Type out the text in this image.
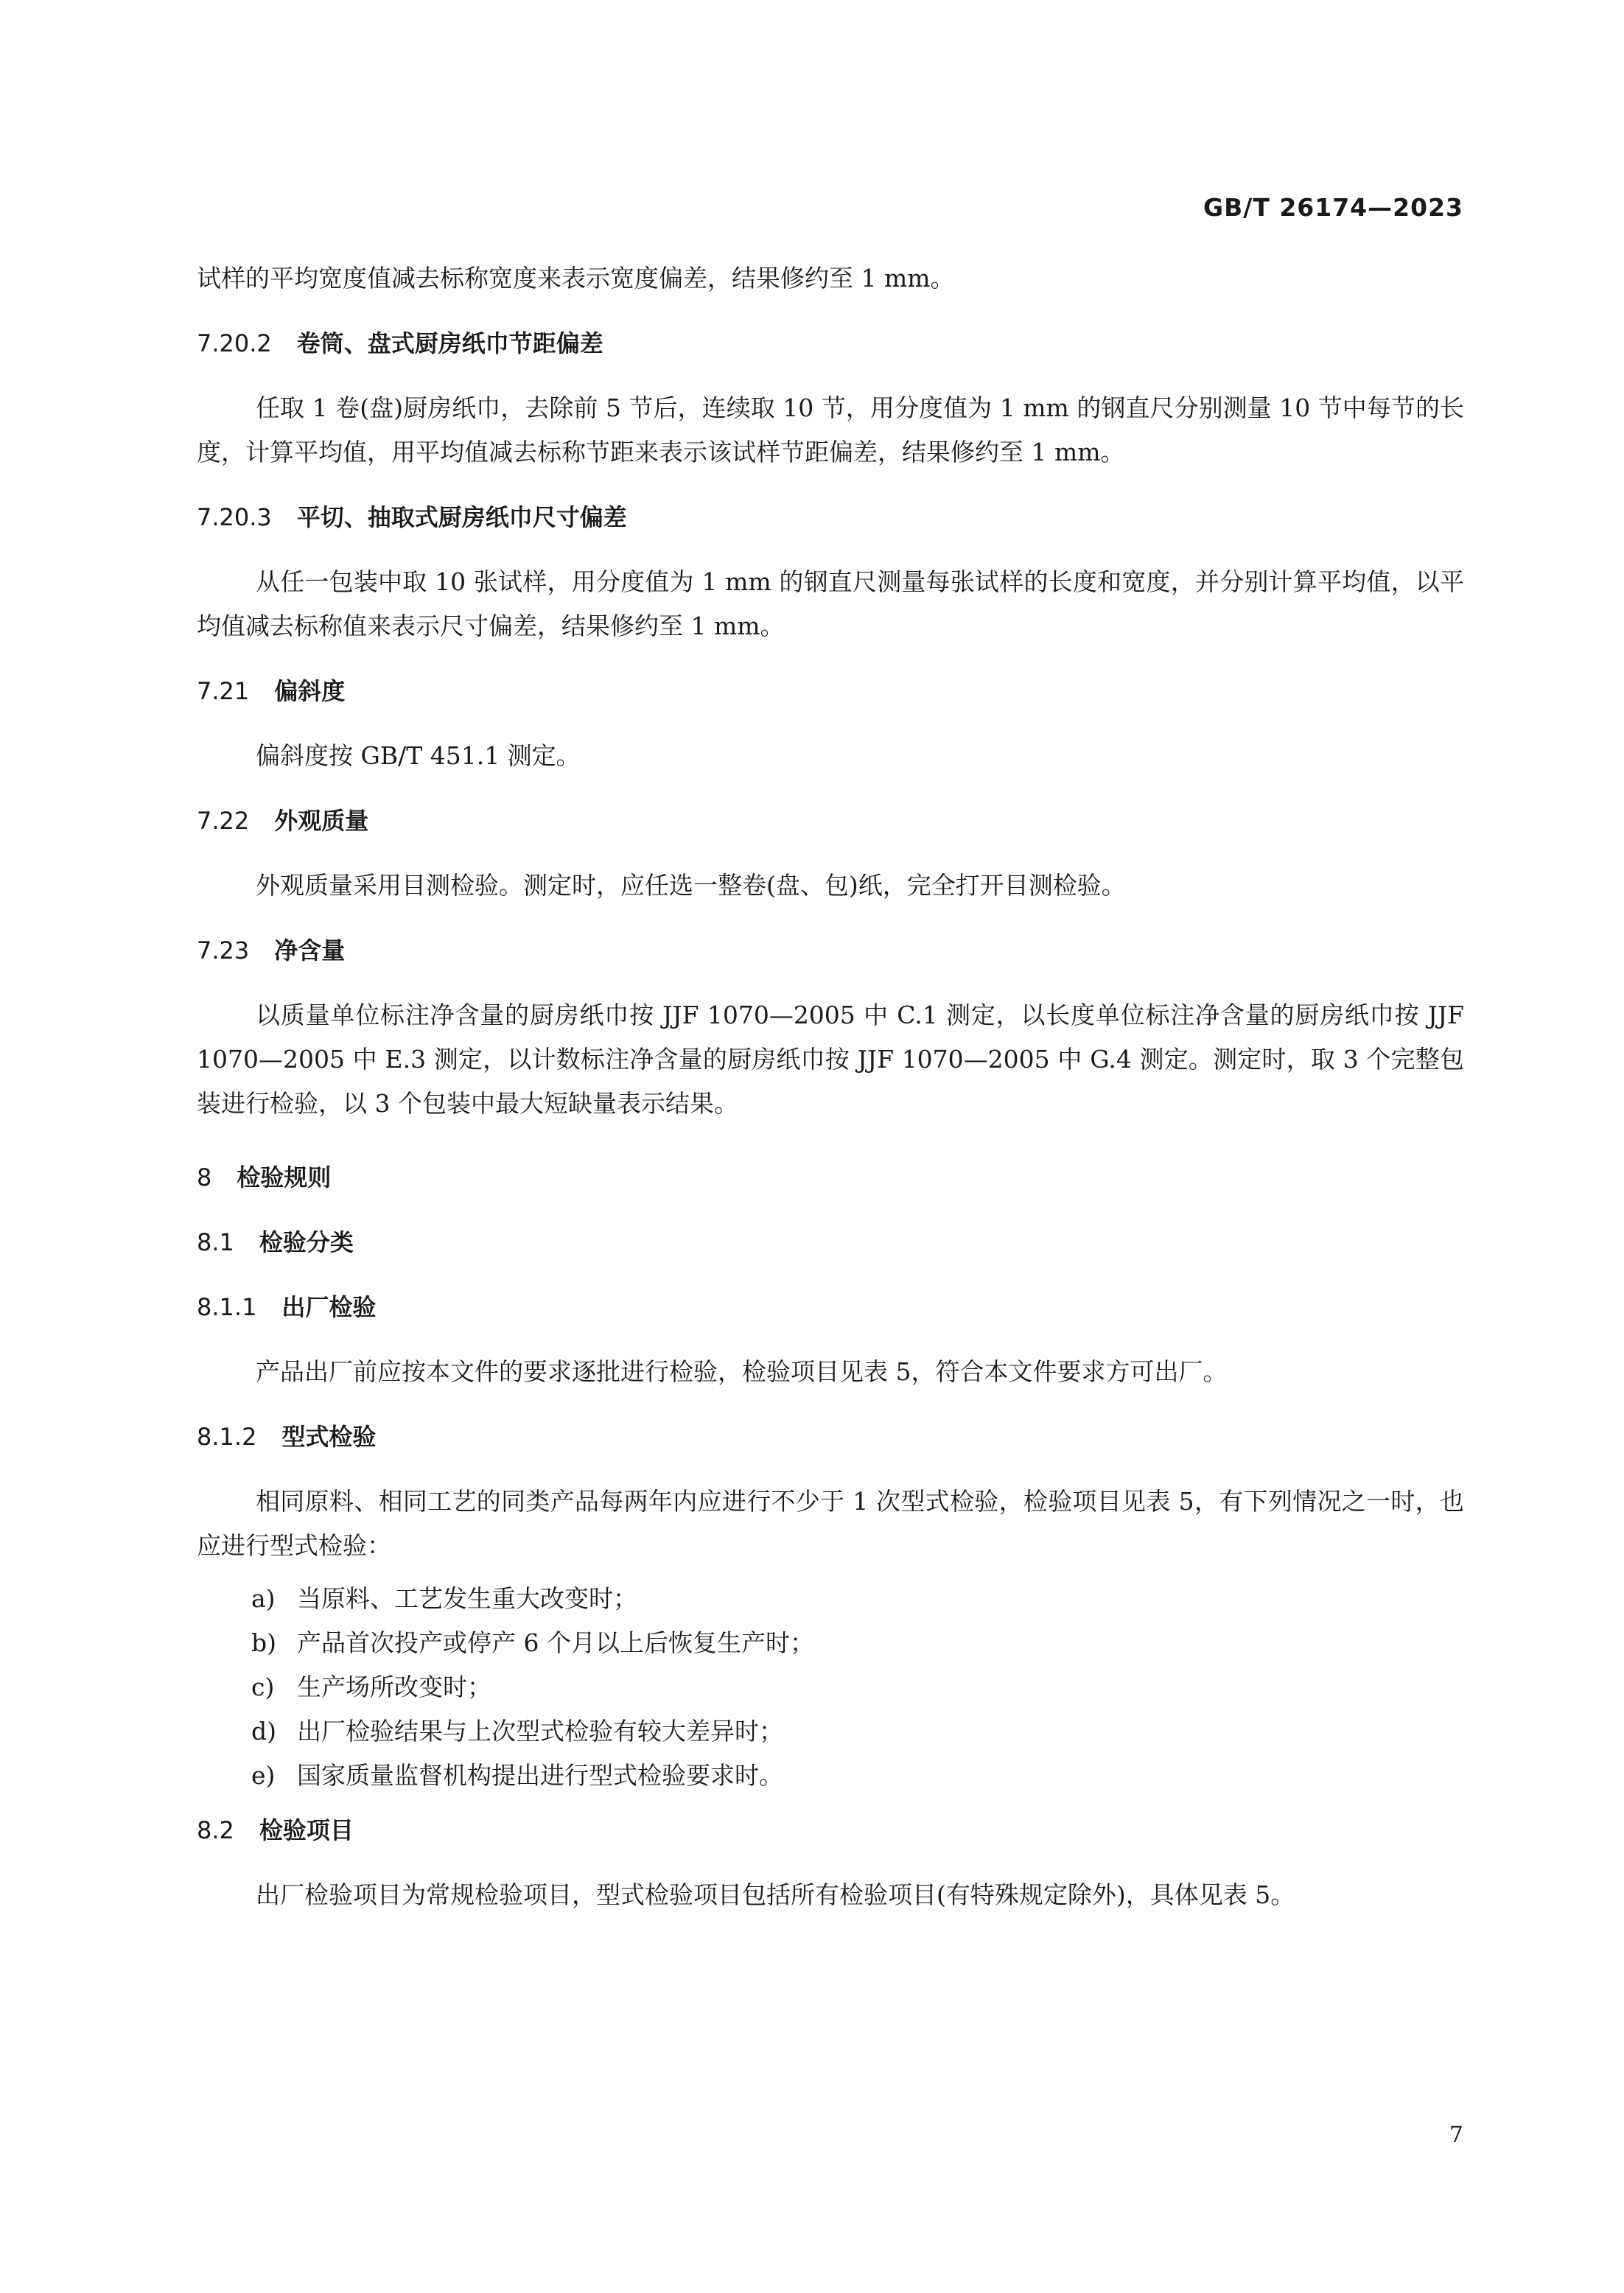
GB/T 26174—2023

试样的平均宽度值减去标称宽度来表示宽度偏差，结果修约至 1 mm。

7.20.2 卷筒、盘式厨房纸巾节距偏差

任取 1 卷(盘)厨房纸巾，去除前 5 节后，连续取 10 节，用分度值为 1 mm 的钢直尺分别测量 10 节中每节的长度，计算平均值，用平均值减去标称节距来表示该试样节距偏差，结果修约至 1 mm。

7.20.3 平切、抽取式厨房纸巾尺寸偏差

从任一包装中取 10 张试样，用分度值为 1 mm 的钢直尺测量每张试样的长度和宽度，并分别计算平均值，以平均值减去标称值来表示尺寸偏差，结果修约至 1 mm。

7.21 偏斜度

偏斜度按 GB/T 451.1 测定。

7.22 外观质量

外观质量采用目测检验。测定时，应任选一整卷(盘、包)纸，完全打开目测检验。

7.23 净含量

以质量单位标注净含量的厨房纸巾按 JJF 1070—2005 中 C.1 测定，以长度单位标注净含量的厨房纸巾按 JJF 1070—2005 中 E.3 测定，以计数标注净含量的厨房纸巾按 JJF 1070—2005 中 G.4 测定。测定时，取 3 个完整包装进行检验，以 3 个包装中最大短缺量表示结果。

8 检验规则
8.1 检验分类
8.1.1 出厂检验

产品出厂前应按本文件的要求逐批进行检验，检验项目见表 5，符合本文件要求方可出厂。

8.1.2 型式检验

相同原料、相同工艺的同类产品每两年内应进行不少于 1 次型式检验，检验项目见表 5，有下列情况之一时，也应进行型式检验：

a) 当原料、工艺发生重大改变时；
b) 产品首次投产或停产 6 个月以上后恢复生产时；
c) 生产场所改变时；
d) 出厂检验结果与上次型式检验有较大差异时；
e) 国家质量监督机构提出进行型式检验要求时。
8.2 检验项目

出厂检验项目为常规检验项目，型式检验项目包括所有检验项目(有特殊规定除外)，具体见表 5。

7
